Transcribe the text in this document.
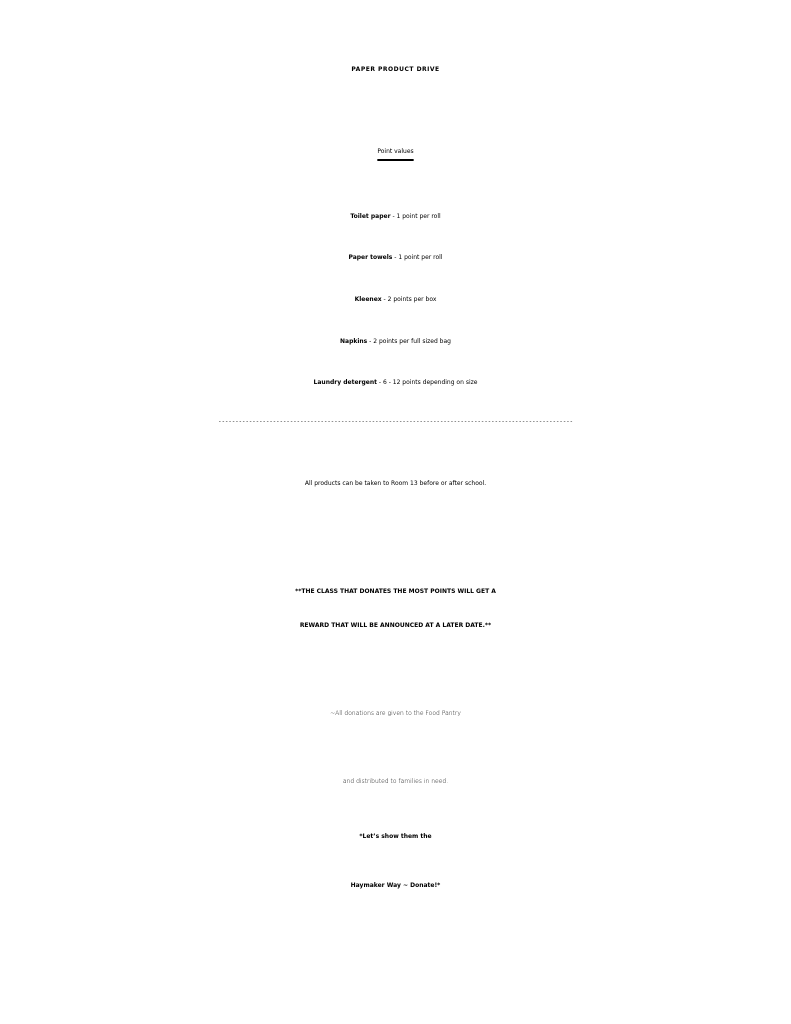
PAPER PRODUCT DRIVE
Point values
Toilet paper - 1 point per roll
Paper towels - 1 point per roll
Kleenex - 2 points per box
Napkins - 2 points per full sized bag
Laundry detergent - 6 - 12 points depending on size
--------------------------------------------------------------------------------------------------------
All products can be taken to Room 13 before or after school.
**THE CLASS THAT DONATES THE MOST POINTS WILL GET A
REWARD THAT WILL BE ANNOUNCED AT A LATER DATE.**
~All donations are given to the Food Pantry
and distributed to families in need.
*Let’s show them the
Haymaker Way ~ Donate!*
